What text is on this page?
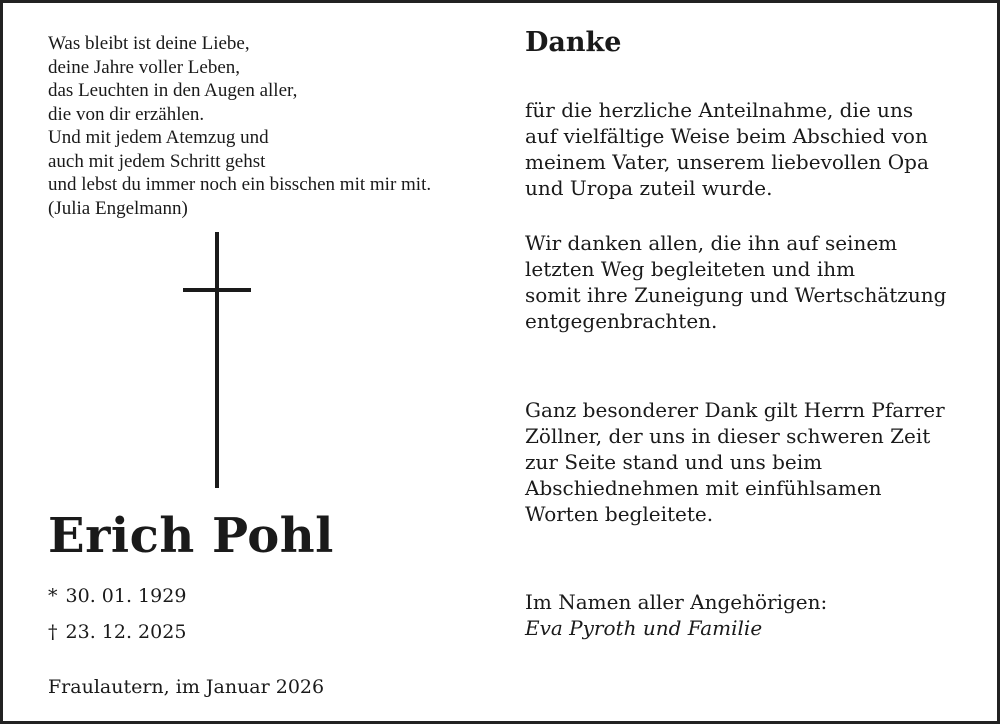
Was bleibt ist deine Liebe,
deine Jahre voller Leben,
das Leuchten in den Augen aller,
die von dir erzählen.
Und mit jedem Atemzug und
auch mit jedem Schritt gehst
und lebst du immer noch ein bisschen mit mir mit.
(Julia Engelmann)
Erich Pohl
* 30. 01. 1929
† 23. 12. 2025
Fraulautern, im Januar 2026
Danke
für die herzliche Anteilnahme, die uns
auf vielfältige Weise beim Abschied von
meinem Vater, unserem liebevollen Opa
und Uropa zuteil wurde.
Wir danken allen, die ihn auf seinem
letzten Weg begleiteten und ihm
somit ihre Zuneigung und Wertschätzung
entgegenbrachten.
Ganz besonderer Dank gilt Herrn Pfarrer
Zöllner, der uns in dieser schweren Zeit
zur Seite stand und uns beim
Abschiednehmen mit einfühlsamen
Worten begleitete.
Im Namen aller Angehörigen:
Eva Pyroth und Familie
